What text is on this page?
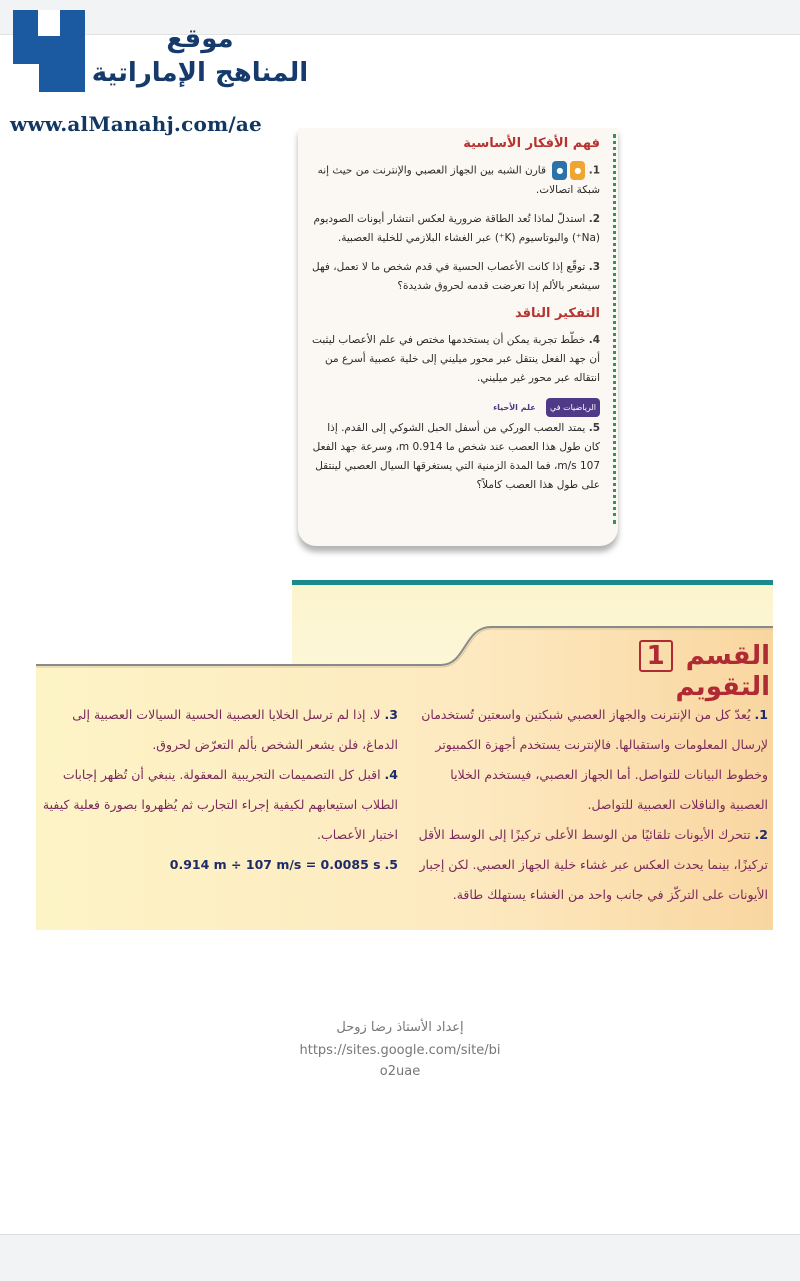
موقع
المناهج الإماراتية
www.alManahj.com/ae
فهم الأفكار الأساسية

1. ●● قارن الشبه بين الجهاز العصبي والإنترنت من حيث إنه شبكة اتصالات.

2. استدلّ لماذا تُعد الطاقة ضرورية لعكس انتشار أيونات الصوديوم (Na⁺) والبوتاسيوم (K⁺) عبر الغشاء البلازمي للخلية العصبية.

3. توقّع إذا كانت الأعصاب الحسية في قدم شخص ما لا تعمل، فهل سيشعر بالألم إذا تعرضت قدمه لحروق شديدة؟

التفكير الناقد

4. خطّط تجربة يمكن أن يستخدمها مختص في علم الأعصاب ليثبت أن جهد الفعل ينتقل عبر محور ميليني إلى خلية عصبية أسرع من انتقاله عبر محور غير ميليني.

الرياضيات في علم الأحياء

5. يمتد العصب الوركي من أسفل الحبل الشوكي إلى القدم. إذا كان طول هذا العصب عند شخص ما 0.914 m، وسرعة جهد الفعل 107 m/s، فما المدة الزمنية التي يستغرقها السيال العصبي لينتقل على طول هذا العصب كاملاً؟

القسم 1 التقويم

1. يُعدّ كل من الإنترنت والجهاز العصبي شبكتين واسعتين تُستخدمان لإرسال المعلومات واستقبالها. فالإنترنت يستخدم أجهزة الكمبيوتر وخطوط البيانات للتواصل. أما الجهاز العصبي، فيستخدم الخلايا العصبية والناقلات العصبية للتواصل.

2. تتحرك الأيونات تلقائيًا من الوسط الأعلى تركيزًا إلى الوسط الأقل تركيزًا، بينما يحدث العكس عبر غشاء خلية الجهاز العصبي. لكن إجبار الأيونات على التركّز في جانب واحد من الغشاء يستهلك طاقة.

3. لا. إذا لم ترسل الخلايا العصبية الحسية السيالات العصبية إلى الدماغ، فلن يشعر الشخص بألم التعرّض لحروق.

4. اقبل كل التصميمات التجريبية المعقولة. ينبغي أن تُظهر إجابات الطلاب استيعابهم لكيفية إجراء التجارب ثم يُظهروا بصورة فعلية كيفية اختبار الأعصاب.

5. 0.914 m ÷ 107 m/s = 0.0085 s

إعداد الأستاذ رضا زوحل
https://sites.google.com/site/bi
o2uae
